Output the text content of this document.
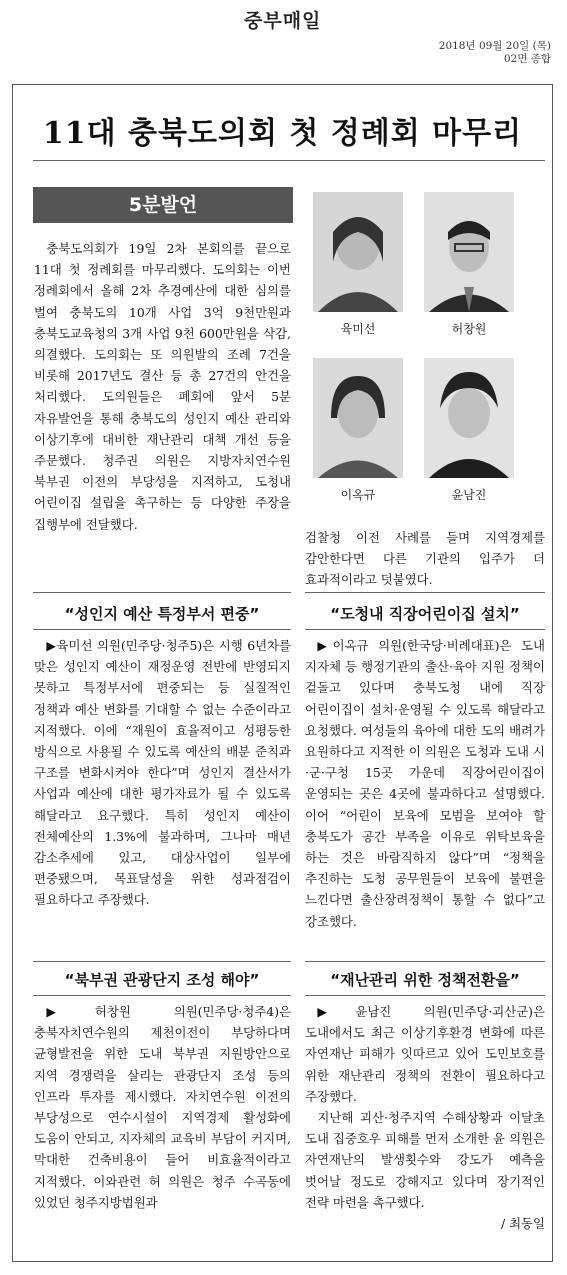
중부매일
2018년 09월 20일 (목)
02면 종합
11대 충북도의회 첫 정례회 마무리
5분발언
육미선	허창원
이옥규	윤남진

충북도의회가 19일 2차 본회의를 끝으로 11대 첫 정례회를 마무리했다. 도의회는 이번 정례회에서 올해 2차 추경예산에 대한 심의를 벌여 충북도의 10개 사업 3억 9천만원과 충북도교육청의 3개 사업 9천 600만원을 삭감, 의결했다. 도의회는 또 의원발의 조례 7건을 비롯해 2017년도 결산 등 총 27건의 안건을 처리했다. 도의원들은 폐회에 앞서 5분 자유발언을 통해 충북도의 성인지 예산 관리와 이상기후에 대비한 재난관리 대책 개선 등을 주문했다. 청주권 의원은 지방자치연수원 북부권 이전의 부당성을 지적하고, 도청내 어린이집 설립을 촉구하는 등 다양한 주장을 집행부에 전달했다.

“성인지 예산 특정부서 편중”

▶육미선 의원(민주당·청주5)은 시행 6년차를 맞은 성인지 예산이 재정운영 전반에 반영되지 못하고 특정부서에 편중되는 등 실질적인 정책과 예산 변화를 기대할 수 없는 수준이라고 지적했다. 이에 “재원이 효율적이고 성평등한 방식으로 사용될 수 있도록 예산의 배분 준칙과 구조를 변화시켜야 한다”며 성인지 결산서가 사업과 예산에 대한 평가자료가 될 수 있도록 해달라고 요구했다. 특히 성인지 예산이 전체예산의 1.3%에 불과하며, 그나마 매년 감소추세에 있고, 대상사업이 일부에 편중됐으며, 목표달성을 위한 성과점검이 필요하다고 주장했다.

“북부권 관광단지 조성 해야”

▶허창원 의원(민주당·청주4)은 충북자치연수원의 제천이전이 부당하다며 균형발전을 위한 도내 북부권 지원방안으로 지역 경쟁력을 살리는 관광단지 조성 등의 인프라 투자를 제시했다. 자치연수원 이전의 부당성으로 연수시설이 지역경제 활성화에 도움이 안되고, 지자체의 교육비 부담이 커지며, 막대한 건축비용이 들어 비효율적이라고 지적했다. 이와관련 허 의원은 청주 수곡동에 있었던 청주지방법원과

검찰청 이전 사례를 들며 지역경제를 감안한다면 다른 기관의 입주가 더 효과적이라고 덧붙였다.

“도청내 직장어린이집 설치”

▶이옥규 의원(한국당·비례대표)은 도내 지자체 등 행정기관의 출산·육아 지원 정책이 겉돌고 있다며 충북도청 내에 직장 어린이집이 설치·운영될 수 있도록 해달라고 요청했다. 여성들의 육아에 대한 도의 배려가 요원하다고 지적한 이 의원은 도청과 도내 시·군·구청 15곳 가운데 직장어린이집이 운영되는 곳은 4곳에 불과하다고 설명했다. 이어 “어린이 보육에 모범을 보여야 할 충북도가 공간 부족을 이유로 위탁보육을 하는 것은 바람직하지 않다”며 “정책을 추진하는 도청 공무원들이 보육에 불편을 느낀다면 출산장려정책이 통할 수 없다”고 강조했다.

“재난관리 위한 정책전환을”

▶윤남진 의원(민주당·괴산군)은 도내에서도 최근 이상기후환경 변화에 따른 자연재난 피해가 잇따르고 있어 도민보호를 위한 재난관리 정책의 전환이 필요하다고 주장했다.

지난해 괴산·청주지역 수해상황과 이달초 도내 집중호우 피해를 먼저 소개한 윤 의원은 자연재난의 발생횟수와 강도가 예측을 벗어날 정도로 강해지고 있다며 장기적인 전략 마련을 촉구했다.

/ 최동일
